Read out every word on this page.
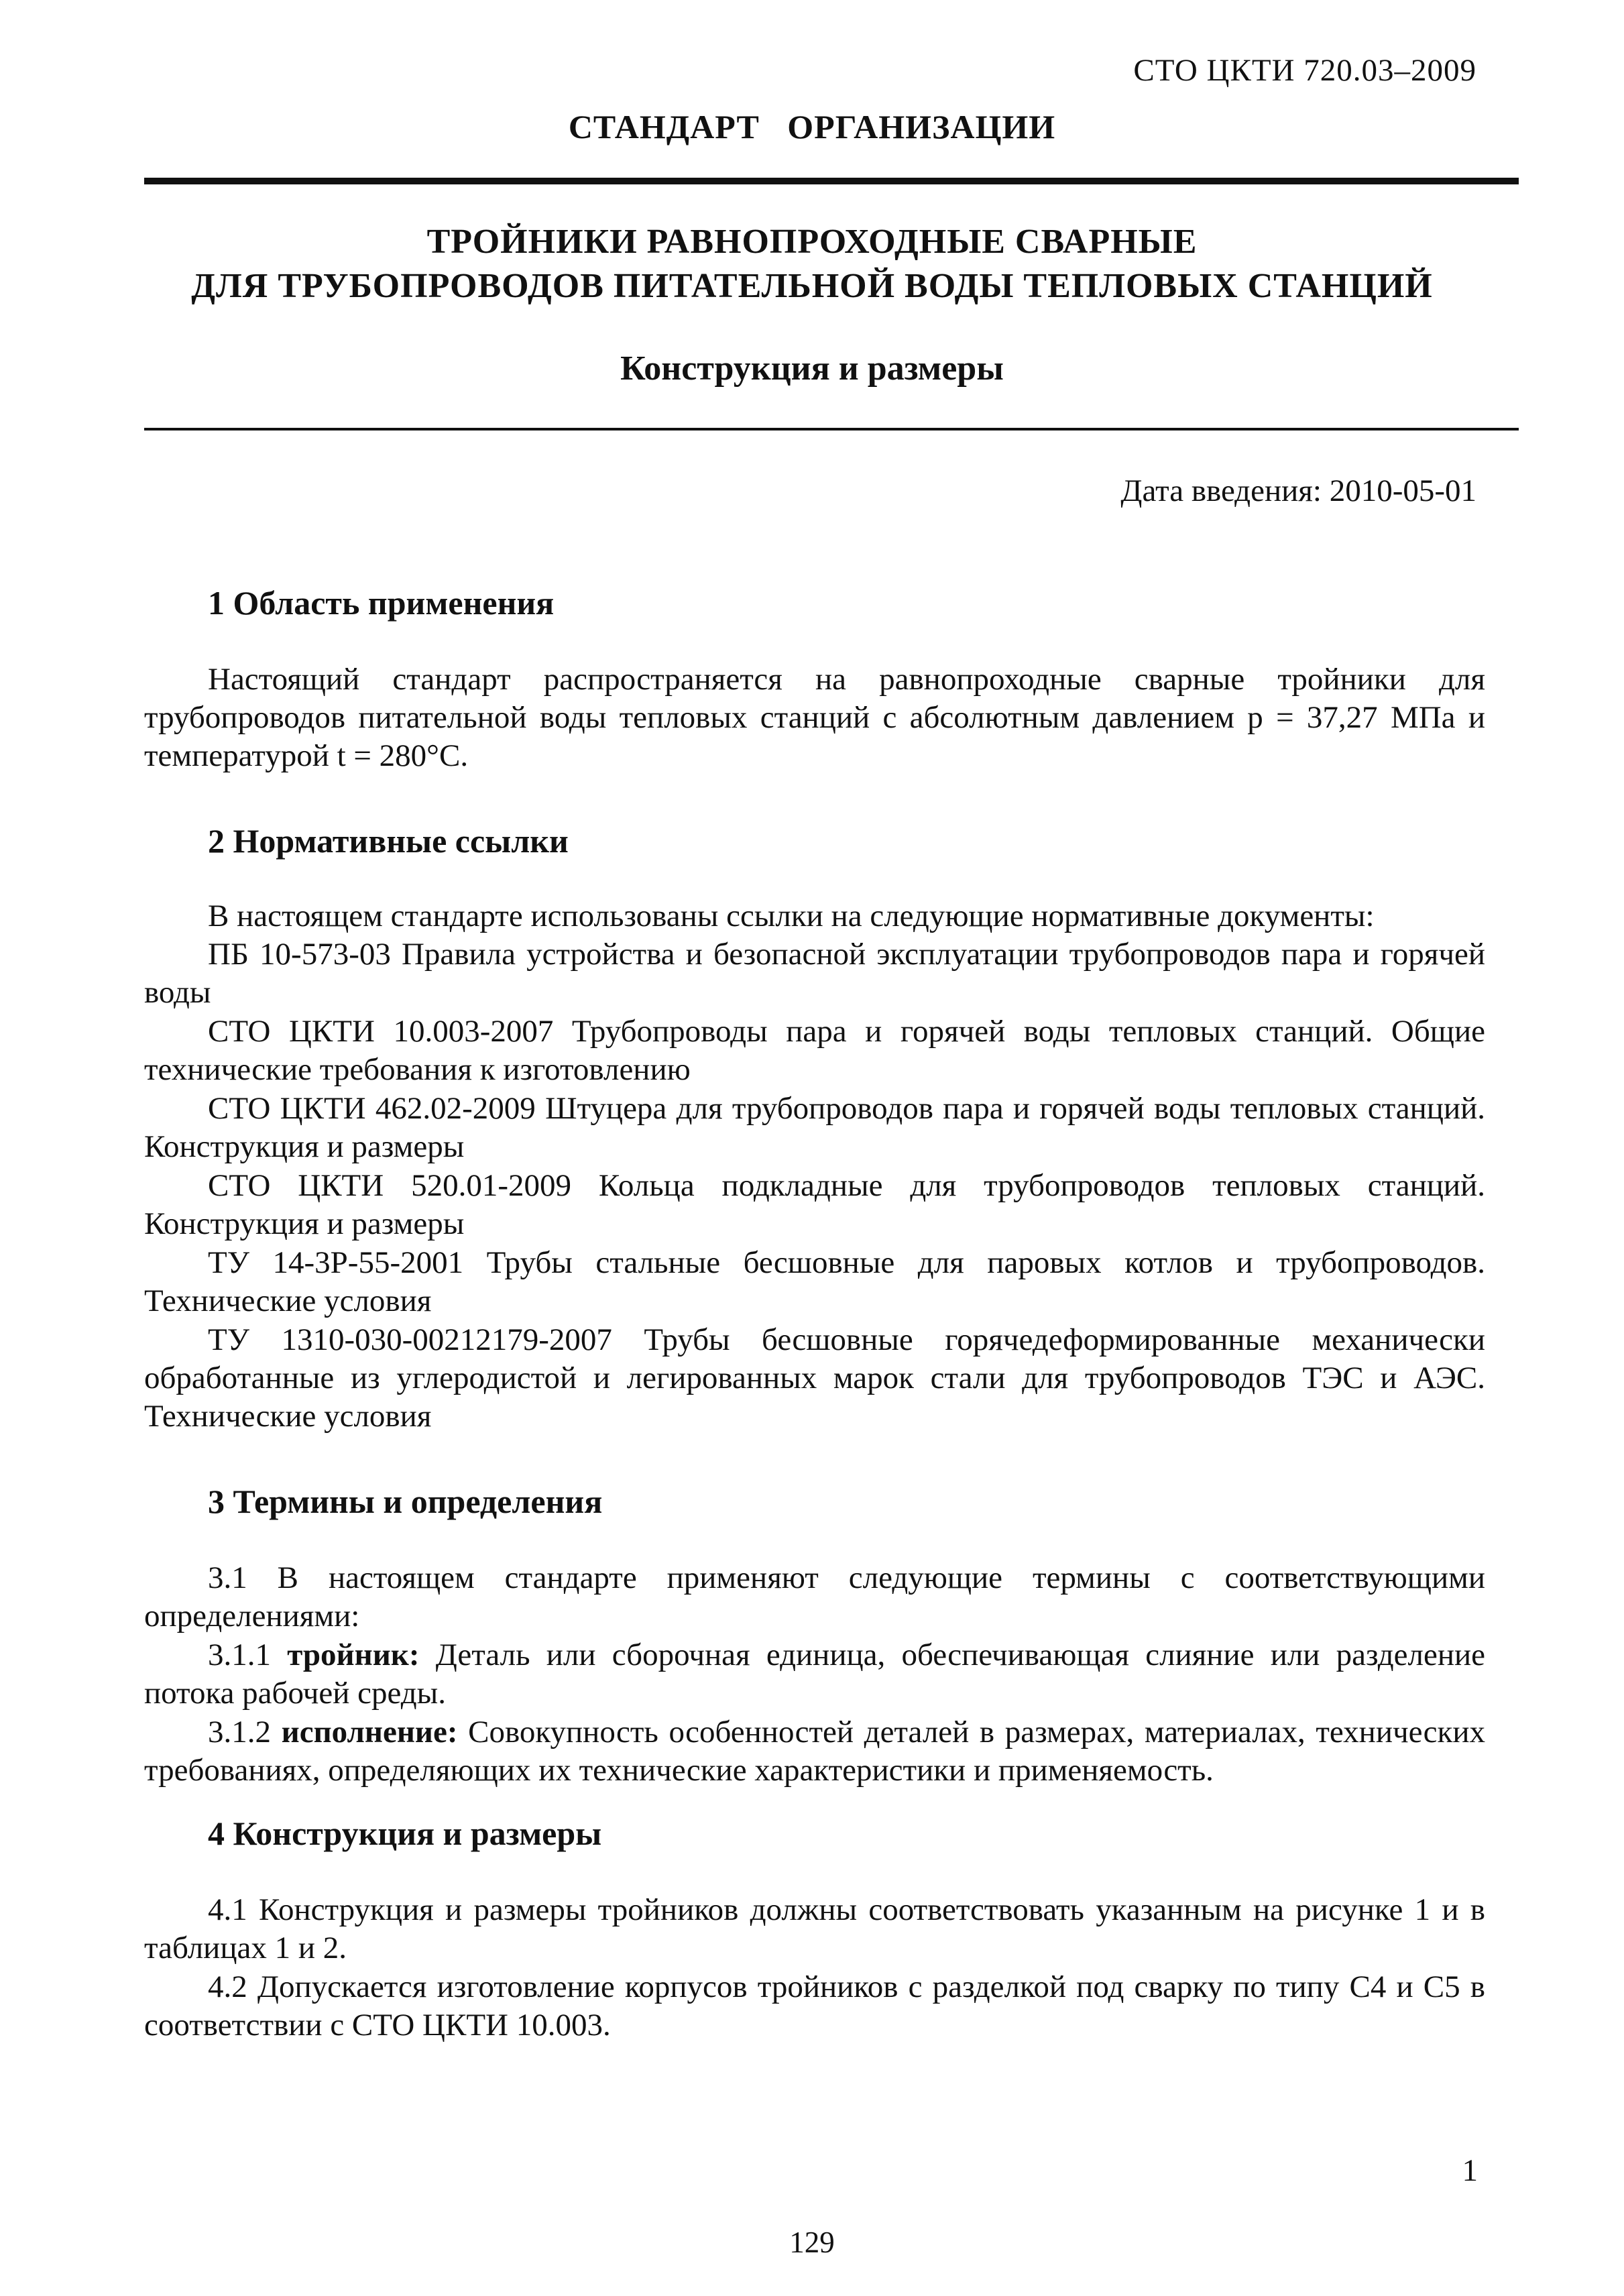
СТО ЦКТИ 720.03–2009
СТАНДАРТ ОРГАНИЗАЦИИ
ТРОЙНИКИ РАВНОПРОХОДНЫЕ СВАРНЫЕ
ДЛЯ ТРУБОПРОВОДОВ ПИТАТЕЛЬНОЙ ВОДЫ ТЕПЛОВЫХ СТАНЦИЙ
Конструкция и размеры
Дата введения: 2010-05-01
1 Область применения
Настоящий стандарт распространяется на равнопроходные сварные тройники для трубопроводов питательной воды тепловых станций с абсолютным давлением p = 37,27 МПа и температурой t = 280°C.
2 Нормативные ссылки
В настоящем стандарте использованы ссылки на следующие нормативные документы:
ПБ 10-573-03 Правила устройства и безопасной эксплуатации трубопроводов пара и горячей воды
СТО ЦКТИ 10.003-2007 Трубопроводы пара и горячей воды тепловых станций. Общие технические требования к изготовлению
СТО ЦКТИ 462.02-2009 Штуцера для трубопроводов пара и горячей воды тепловых станций. Конструкция и размеры
СТО ЦКТИ 520.01-2009 Кольца подкладные для трубопроводов тепловых станций. Конструкция и размеры
ТУ 14-3Р-55-2001 Трубы стальные бесшовные для паровых котлов и трубопроводов. Технические условия
ТУ 1310-030-00212179-2007 Трубы бесшовные горячедеформированные механически обработанные из углеродистой и легированных марок стали для трубопроводов ТЭС и АЭС. Технические условия
3 Термины и определения
3.1 В настоящем стандарте применяют следующие термины с соответствующими определениями:
3.1.1 тройник: Деталь или сборочная единица, обеспечивающая слияние или разделение потока рабочей среды.
3.1.2 исполнение: Совокупность особенностей деталей в размерах, материалах, технических требованиях, определяющих их технические характеристики и применяемость.
4 Конструкция и размеры
4.1 Конструкция и размеры тройников должны соответствовать указанным на рисунке 1 и в таблицах 1 и 2.
4.2 Допускается изготовление корпусов тройников с разделкой под сварку по типу С4 и С5 в соответствии с СТО ЦКТИ 10.003.
1
129
